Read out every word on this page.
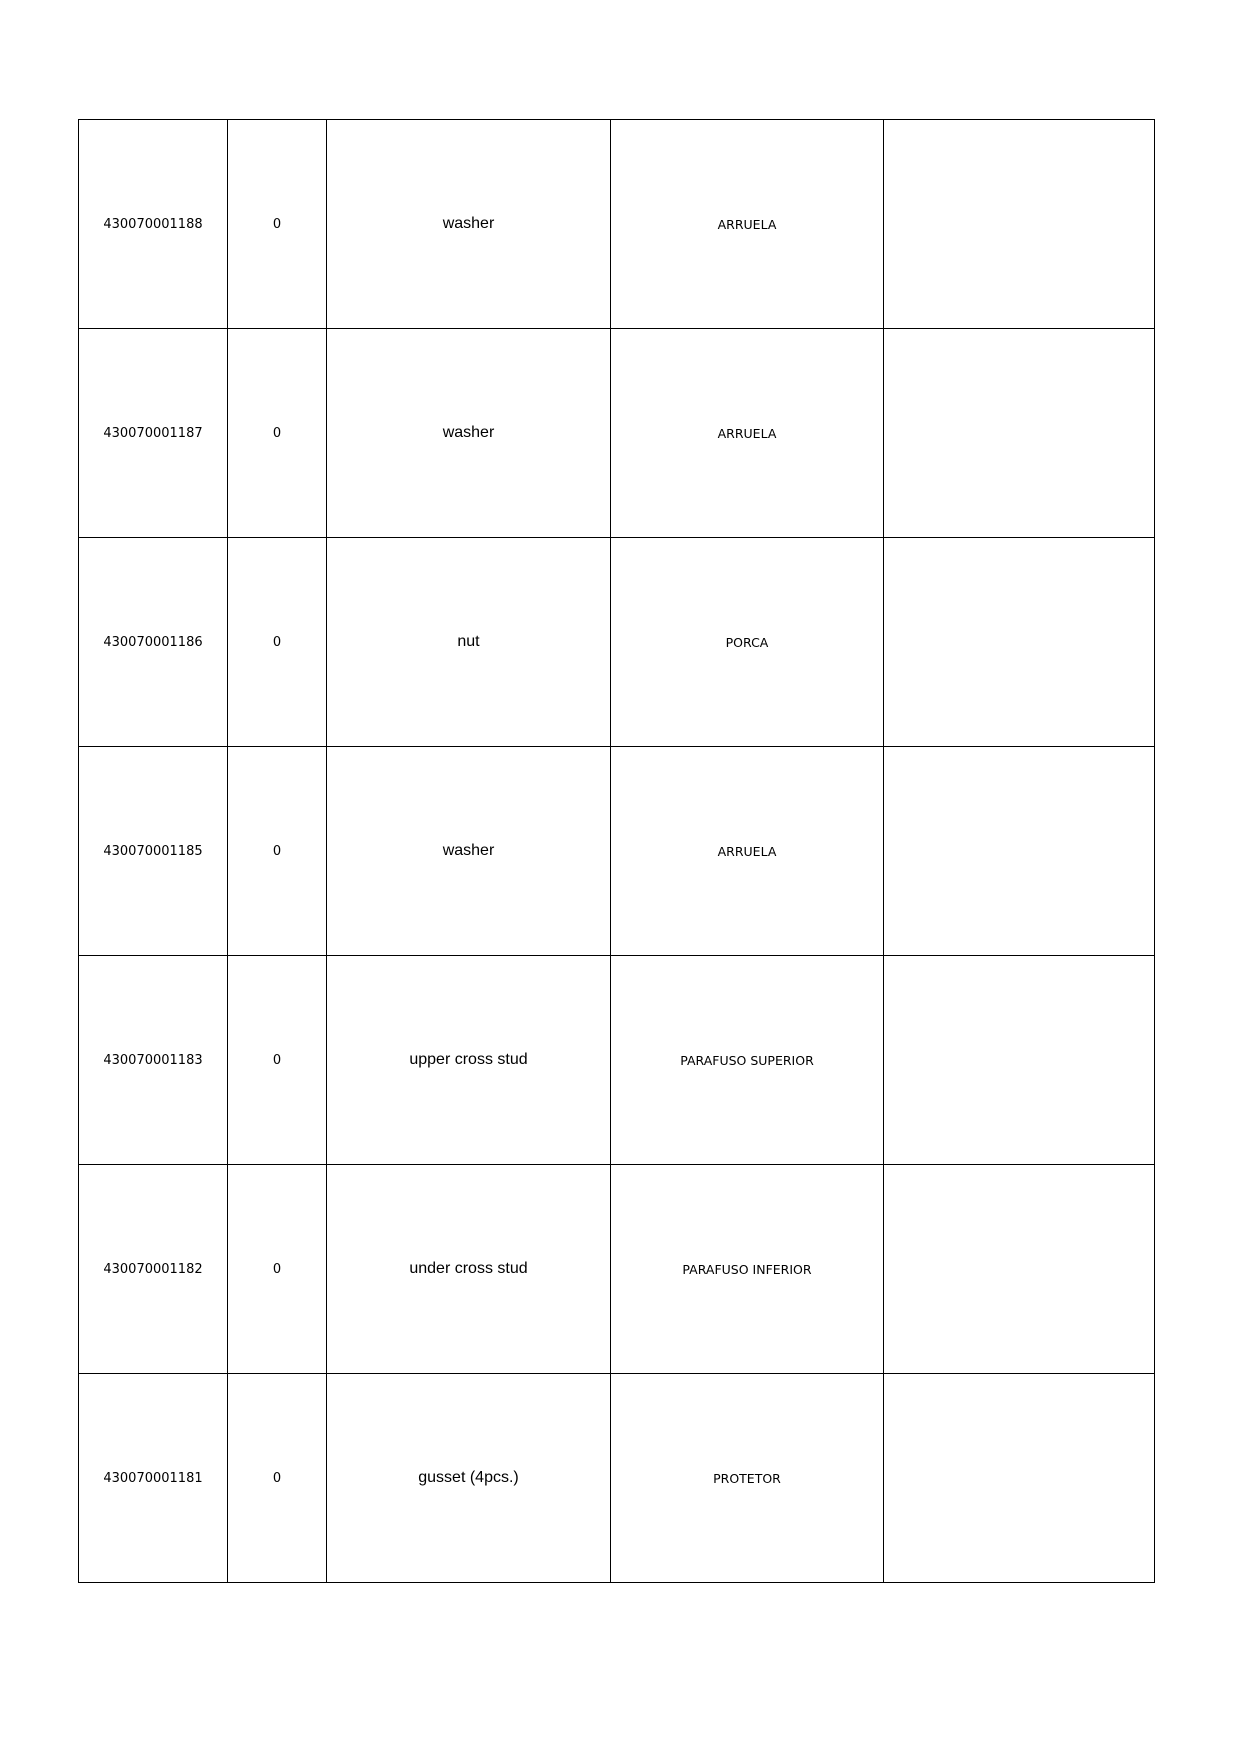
430070001188	0	washer	ARRUELA	
430070001187	0	washer	ARRUELA	
430070001186	0	nut	PORCA	
430070001185	0	washer	ARRUELA	
430070001183	0	upper cross stud	PARAFUSO SUPERIOR	
430070001182	0	under cross stud	PARAFUSO INFERIOR	
430070001181	0	gusset (4pcs.)	PROTETOR	
